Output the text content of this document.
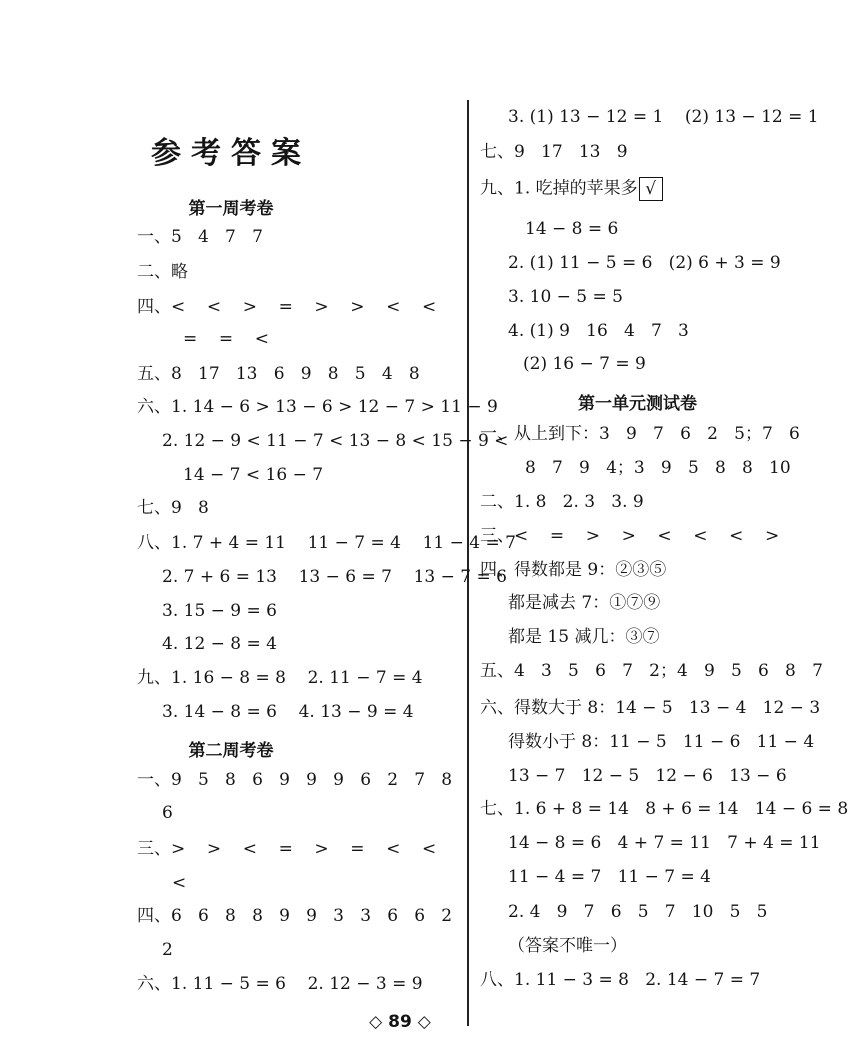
参考答案
第一周考卷
一、5   4   7   7
二、略
四、<    <    >    =    >    >    <    <
=    =    <
五、8   17   13   6   9   8   5   4   8
六、1. 14 − 6 > 13 − 6 > 12 − 7 > 11 − 9
2. 12 − 9 < 11 − 7 < 13 − 8 < 15 − 9 <
14 − 7 < 16 − 7
七、9   8
八、1. 7 + 4 = 11    11 − 7 = 4    11 − 4 = 7
2. 7 + 6 = 13    13 − 6 = 7    13 − 7 = 6
3. 15 − 9 = 6
4. 12 − 8 = 4
九、1. 16 − 8 = 8    2. 11 − 7 = 4
3. 14 − 8 = 6    4. 13 − 9 = 4
第二周考卷
一、9   5   8   6   9   9   9   6   2   7   8
6
三、>    >    <    =    >    =    <    <
<
四、6   6   8   8   9   9   3   3   6   6   2
2
六、1. 11 − 5 = 6    2. 12 − 3 = 9
3. (1) 13 − 12 = 1    (2) 13 − 12 = 1
七、9   17   13   9
九、1. 吃掉的苹果多 √
14 − 8 = 6
2. (1) 11 − 5 = 6   (2) 6 + 3 = 9
3. 10 − 5 = 5
4. (1) 9   16   4   7   3
(2) 16 − 7 = 9
第一单元测试卷
一、从上到下：3   9   7   6   2   5；7   6
8   7   9   4；3   9   5   8   8   10
二、1. 8   2. 3   3. 9
三、<    =    >    >    <    <    <    >
四、得数都是 9：②③⑤
都是减去 7：①⑦⑨
都是 15 减几：③⑦
五、4   3   5   6   7   2；4   9   5   6   8   7
六、得数大于 8：14 − 5   13 − 4   12 − 3
得数小于 8：11 − 5   11 − 6   11 − 4
13 − 7   12 − 5   12 − 6   13 − 6
七、1. 6 + 8 = 14   8 + 6 = 14   14 − 6 = 8
14 − 8 = 6   4 + 7 = 11   7 + 4 = 11
11 − 4 = 7   11 − 7 = 4
2. 4   9   7   6   5   7   10   5   5
（答案不唯一）
八、1. 11 − 3 = 8   2. 14 − 7 = 7
◇ 89 ◇
